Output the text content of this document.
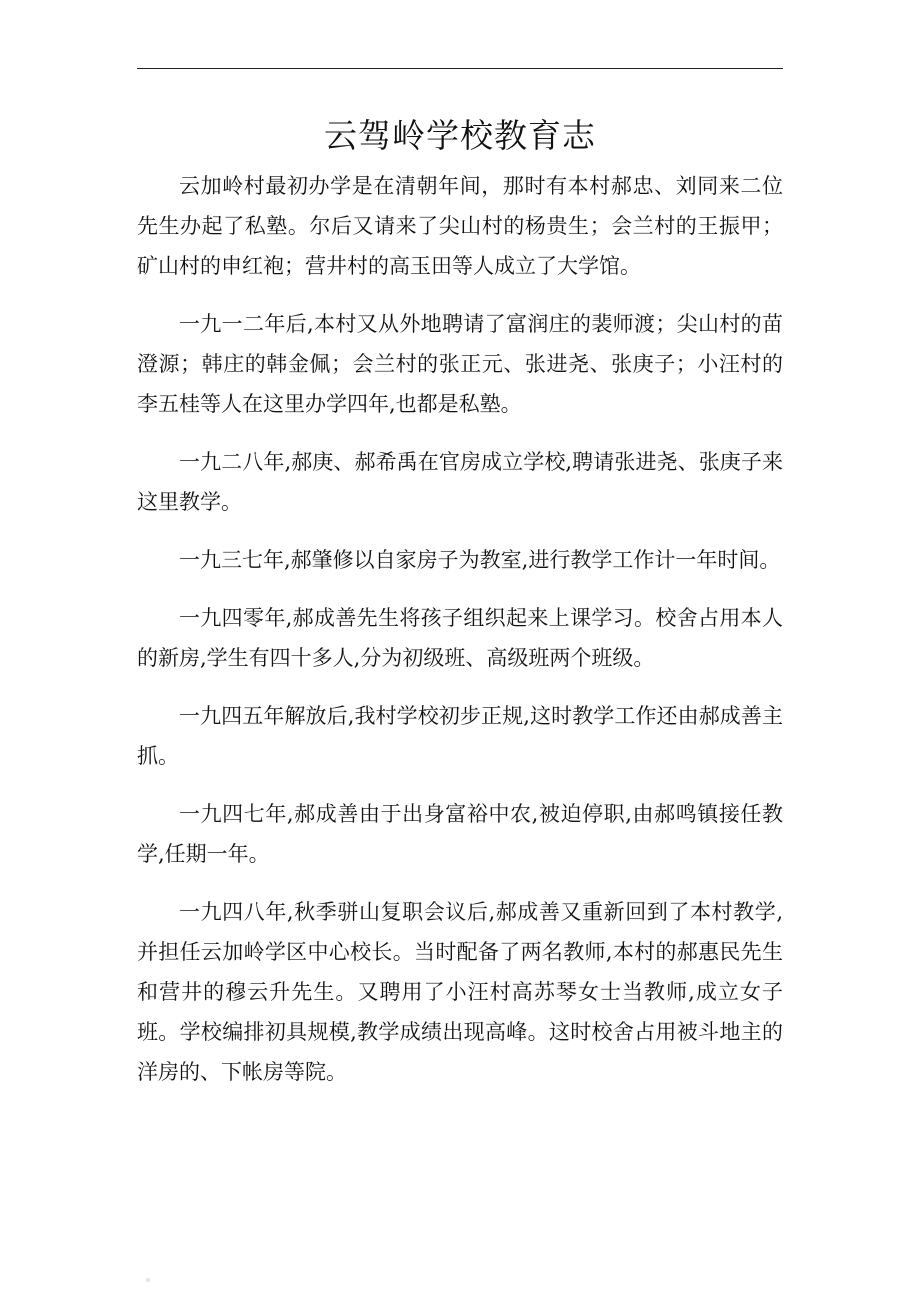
云驾岭学校教育志

云加岭村最初办学是在清朝年间，那时有本村郝忠、刘同来二位先生办起了私塾。尔后又请来了尖山村的杨贵生；会兰村的王振甲；矿山村的申红袍；营井村的高玉田等人成立了大学馆。

一九一二年后,本村又从外地聘请了富润庄的裴师渡；尖山村的苗澄源；韩庄的韩金佩；会兰村的张正元、张进尧、张庚子；小汪村的李五桂等人在这里办学四年,也都是私塾。

一九二八年,郝庚、郝希禹在官房成立学校,聘请张进尧、张庚子来这里教学。

一九三七年,郝肇修以自家房子为教室,进行教学工作计一年时间。

一九四零年,郝成善先生将孩子组织起来上课学习。校舍占用本人的新房,学生有四十多人,分为初级班、高级班两个班级。

一九四五年解放后,我村学校初步正规,这时教学工作还由郝成善主抓。

一九四七年,郝成善由于出身富裕中农,被迫停职,由郝鸣镇接任教学,任期一年。

一九四八年,秋季骈山复职会议后,郝成善又重新回到了本村教学,并担任云加岭学区中心校长。当时配备了两名教师,本村的郝惠民先生和营井的穆云升先生。又聘用了小汪村高苏琴女士当教师,成立女子班。学校编排初具规模,教学成绩出现高峰。这时校舍占用被斗地主的洋房的、下帐房等院。
